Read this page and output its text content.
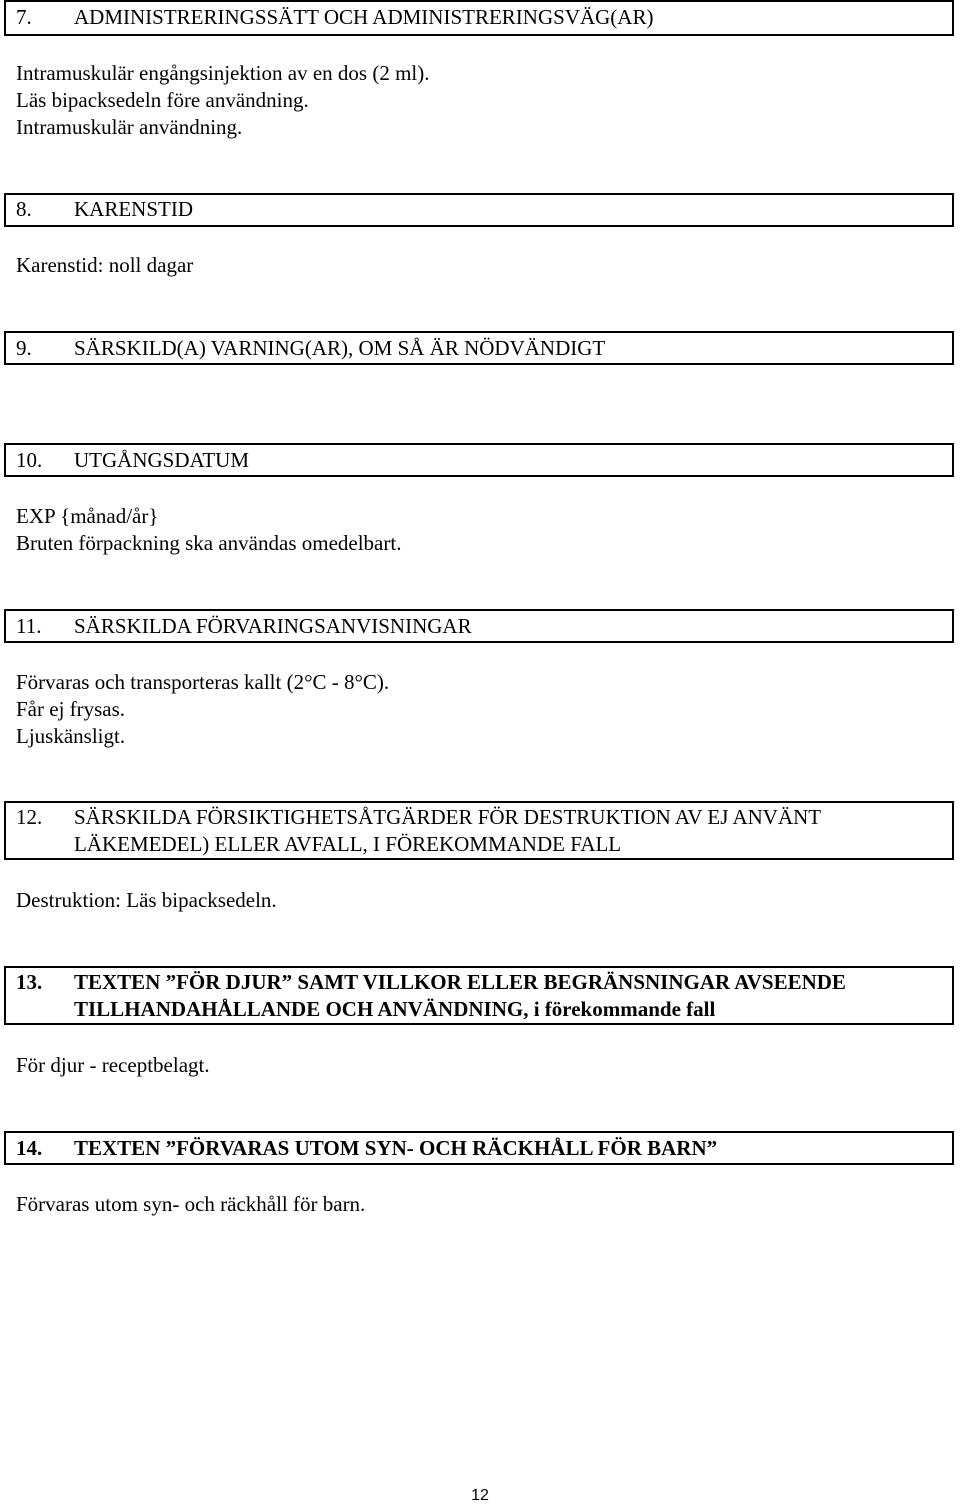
7. ADMINISTRERINGSSÄTT OCH ADMINISTRERINGSVÄG(AR)
Intramuskulär engångsinjektion av en dos (2 ml).
Läs bipacksedeln före användning.
Intramuskulär användning.
8. KARENSTID
Karenstid: noll dagar
9. SÄRSKILD(A) VARNING(AR), OM SÅ ÄR NÖDVÄNDIGT
10. UTGÅNGSDATUM
EXP {månad/år}
Bruten förpackning ska användas omedelbart.
11. SÄRSKILDA FÖRVARINGSANVISNINGAR
Förvaras och transporteras kallt (2°C - 8°C).
Får ej frysas.
Ljuskänsligt.
12. SÄRSKILDA FÖRSIKTIGHETSÅTGÄRDER FÖR DESTRUKTION AV EJ ANVÄNT
LÄKEMEDEL) ELLER AVFALL, I FÖREKOMMANDE FALL
Destruktion: Läs bipacksedeln.
13. TEXTEN ”FÖR DJUR” SAMT VILLKOR ELLER BEGRÄNSNINGAR AVSEENDE
TILLHANDAHÅLLANDE OCH ANVÄNDNING, i förekommande fall
För djur - receptbelagt.
14. TEXTEN ”FÖRVARAS UTOM SYN- OCH RÄCKHÅLL FÖR BARN”
Förvaras utom syn- och räckhåll för barn.
12
